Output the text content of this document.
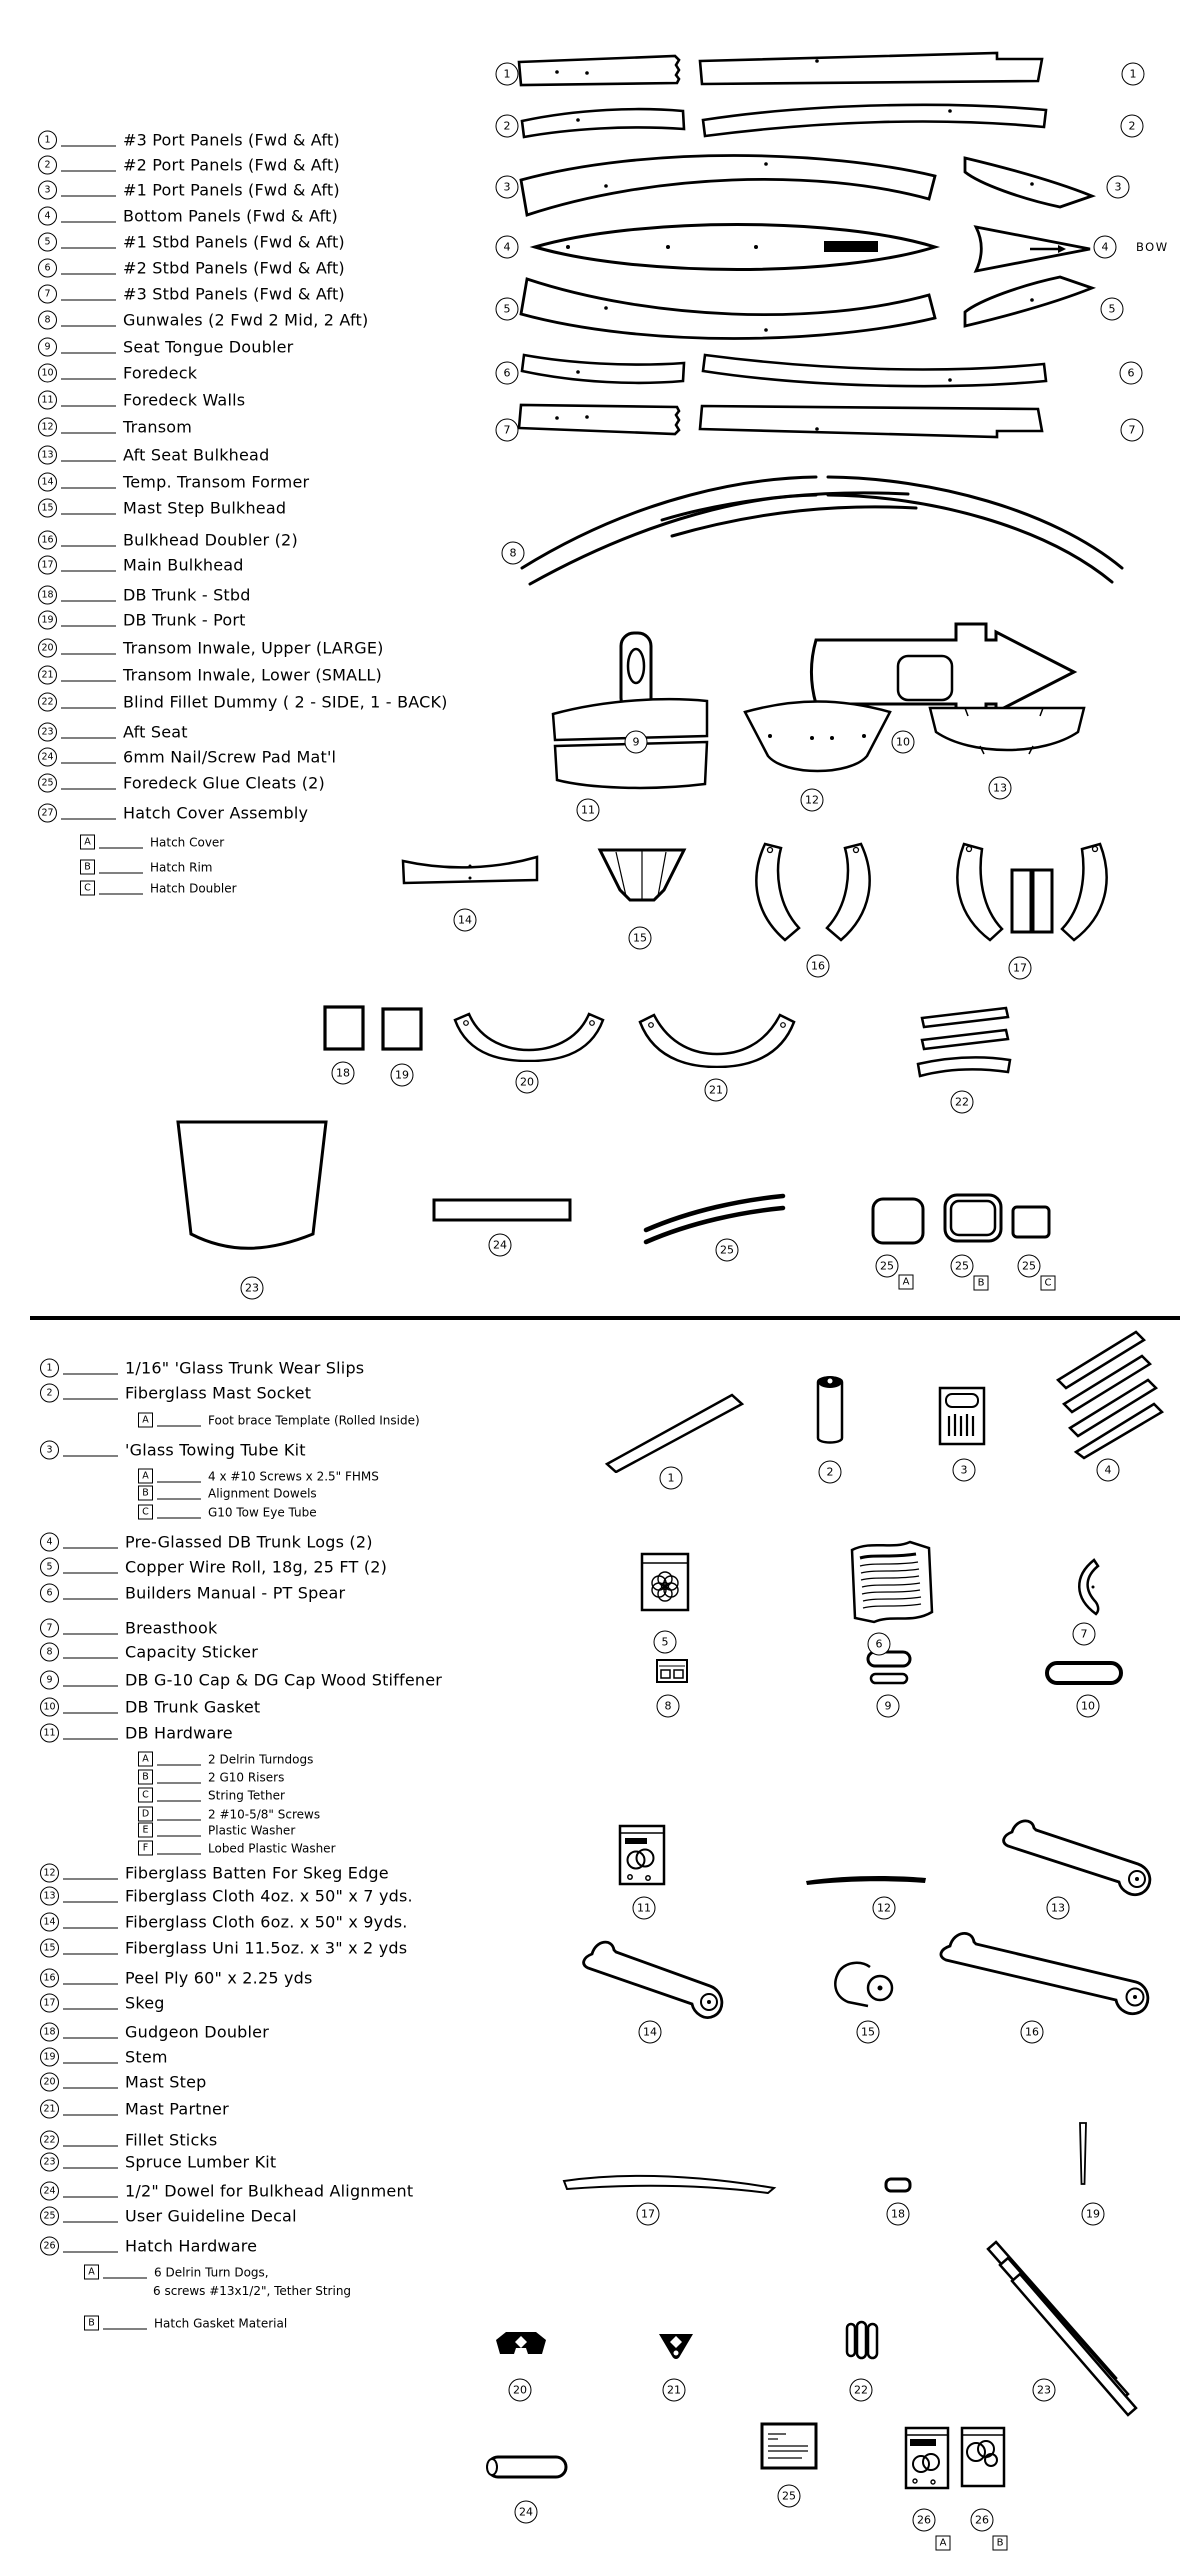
BOW
1	#3 Port Panels (Fwd & Aft)
2	#2 Port Panels (Fwd & Aft)
3	#1 Port Panels (Fwd & Aft)
4	Bottom Panels (Fwd & Aft)
5	#1 Stbd Panels (Fwd & Aft)
6	#2 Stbd Panels (Fwd & Aft)
7	#3 Stbd Panels (Fwd & Aft)
8	Gunwales (2 Fwd 2 Mid, 2 Aft)
9	Seat Tongue Doubler
10	Foredeck
11	Foredeck Walls
12	Transom
13	Aft Seat Bulkhead
14	Temp. Transom Former
15	Mast Step Bulkhead
16	Bulkhead Doubler (2)
17	Main Bulkhead
18	DB Trunk - Stbd
19	DB Trunk - Port
20	Transom Inwale, Upper (LARGE)
21	Transom Inwale, Lower (SMALL)
22	Blind Fillet Dummy ( 2 - SIDE, 1 - BACK)
23	Aft Seat
24	6mm Nail/Screw Pad Mat'l
25	Foredeck Glue Cleats (2)
27	Hatch Cover Assembly
A	Hatch Cover
B	Hatch Rim
C	Hatch Doubler
1	1/16" 'Glass Trunk Wear Slips
2	Fiberglass Mast Socket
A	Foot brace Template (Rolled Inside)
3	'Glass Towing Tube Kit
A	4 x #10 Screws x 2.5" FHMS
B	Alignment Dowels
C	G10 Tow Eye Tube
4	Pre-Glassed DB Trunk Logs (2)
5	Copper Wire Roll, 18g, 25 FT (2)
6	Builders Manual - PT Spear
7	Breasthook
8	Capacity Sticker
9	DB G-10 Cap & DG Cap Wood Stiffener
10	DB Trunk Gasket
11	DB Hardware
A	2 Delrin Turndogs
B	2 G10 Risers
C	String Tether
D	2 #10-5/8" Screws
E	Plastic Washer
F	Lobed Plastic Washer
12	Fiberglass Batten For Skeg Edge
13	Fiberglass Cloth 4oz. x 50" x 7 yds.
14	Fiberglass Cloth 6oz. x 50" x 9yds.
15	Fiberglass Uni 11.5oz. x 3" x 2 yds
16	Peel Ply 60" x 2.25 yds
17	Skeg
18	Gudgeon Doubler
19	Stem
20	Mast Step
21	Mast Partner
22	Fillet Sticks
23	Spruce Lumber Kit
24	1/2" Dowel for Bulkhead Alignment
25	User Guideline Decal
26	Hatch Hardware
A	6 Delrin Turn Dogs,
6 screws #13x1/2", Tether String
B	Hatch Gasket Material
1	1
2	2
3	3
4	4
5	5
6	6
7	7
8
9	10
11
12
13
14
15
16	17
18	19
20
21
22
23
24	25
1	2	3	4
5	6
7
8	9	10
11	12	13
14	15	16
17	18	19
20	21	22	23
24
25
25
A
25
B
25
C
26
A
26
B
